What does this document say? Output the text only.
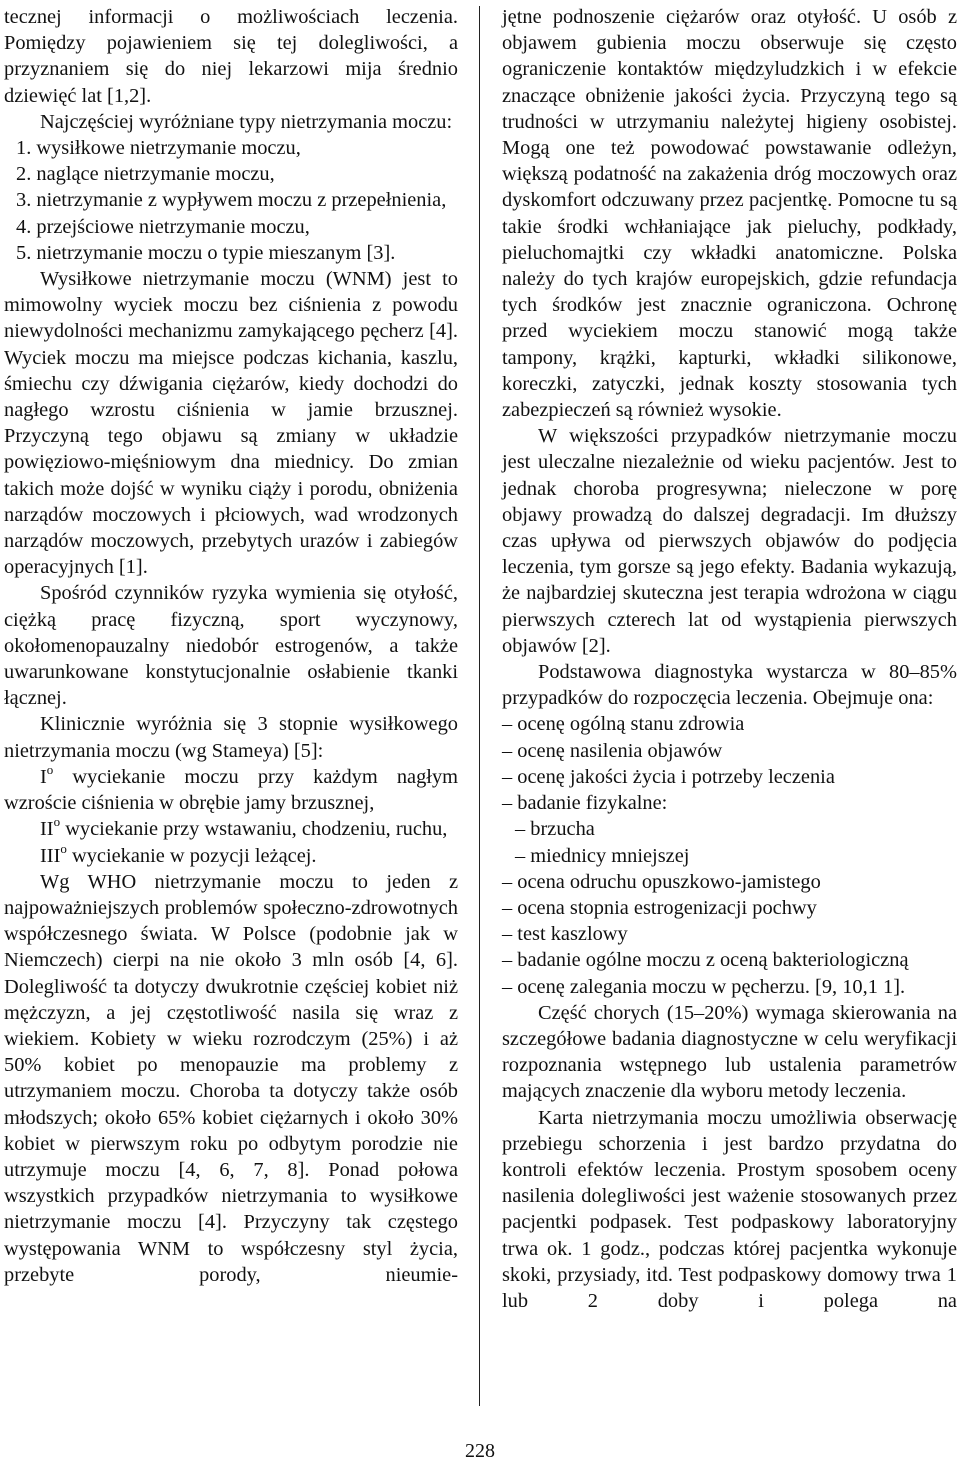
tecznej informacji o możliwościach leczenia. Pomiędzy pojawieniem się tej dolegliwości, a przyznaniem się do niej lekarzowi mija średnio dziewięć lat [1,2].

Najczęściej wyróżniane typy nietrzymania moczu:

1. wysiłkowe nietrzymanie moczu,
2. naglące nietrzymanie moczu,
3. nietrzymanie z wypływem moczu z przepełnienia,
4. przejściowe nietrzymanie moczu,
5. nietrzymanie moczu o typie mieszanym [3].

Wysiłkowe nietrzymanie moczu (WNM) jest to mimowolny wyciek moczu bez ciśnienia z powodu niewydolności mechanizmu zamykającego pęcherz [4]. Wyciek moczu ma miejsce podczas kichania, kaszlu, śmiechu czy dźwigania ciężarów, kiedy dochodzi do nagłego wzrostu ciśnienia w jamie brzusznej. Przyczyną tego objawu są zmiany w układzie powięziowo-mięśniowym dna miednicy. Do zmian takich może dojść w wyniku ciąży i porodu, obniżenia narządów moczowych i płciowych, wad wrodzonych narządów moczowych, przebytych urazów i zabiegów operacyjnych [1].

Spośród czynników ryzyka wymienia się otyłość, ciężką pracę fizyczną, sport wyczynowy, okołomenopauzalny niedobór estrogenów, a także uwarunkowane konstytucjonalnie osłabienie tkanki łącznej.

Klinicznie wyróżnia się 3 stopnie wysiłkowego nietrzymania moczu (wg Stameya) [5]:

$I^o$ wyciekanie moczu przy każdym nagłym wzroście ciśnienia w obrębie jamy brzusznej,

$II^o$ wyciekanie przy wstawaniu, chodzeniu, ruchu,

III$^o$ wyciekanie w pozycji leżącej.

Wg WHO nietrzymanie moczu to jeden z najpoważniejszych problemów społeczno-zdrowotnych współczesnego świata. W Polsce (podobnie jak w Niemczech) cierpi na nie około 3 mln osób [4, 6]. Dolegliwość ta dotyczy dwukrotnie częściej kobiet niż mężczyzn, a jej częstotliwość nasila się wraz z wiekiem. Kobiety w wieku rozrodczym (25%) i aż 50% kobiet po menopauzie ma problemy z utrzymaniem moczu. Choroba ta dotyczy także osób młodszych; około 65% kobiet ciężarnych i około 30% kobiet w pierwszym roku po odbytym porodzie nie utrzymuje moczu [4, 6, 7, 8]. Ponad połowa wszystkich przypadków nietrzymania to wysiłkowe nietrzymanie moczu [4]. Przyczyny tak częstego występowania WNM to współczesny styl życia, przebyte porody, nieumie-

jętne podnoszenie ciężarów oraz otyłość. U osób z objawem gubienia moczu obserwuje się często ograniczenie kontaktów międzyludzkich i w efekcie znaczące obniżenie jakości życia. Przyczyną tego są trudności w utrzymaniu należytej higieny osobistej. Mogą one też powodować powstawanie odleżyn, większą podatność na zakażenia dróg moczowych oraz dyskomfort odczuwany przez pacjentkę. Pomocne tu są takie środki wchłaniające jak pieluchy, podkłady, pieluchomajtki czy wkładki anatomiczne. Polska należy do tych krajów europejskich, gdzie refundacja tych środków jest znacznie ograniczona. Ochronę przed wyciekiem moczu stanowić mogą także tampony, krążki, kapturki, wkładki silikonowe, koreczki, zatyczki, jednak koszty stosowania tych zabezpieczeń są również wysokie.

W większości przypadków nietrzymanie moczu jest uleczalne niezależnie od wieku pacjentów. Jest to jednak choroba progresywna; nieleczone w porę objawy prowadzą do dalszej degradacji. Im dłuższy czas upływa od pierwszych objawów do podjęcia leczenia, tym gorsze są jego efekty. Badania wykazują, że najbardziej skuteczna jest terapia wdrożona w ciągu pierwszych czterech lat od wystąpienia pierwszych objawów [2].

Podstawowa diagnostyka wystarcza w 80–85% przypadków do rozpoczęcia leczenia. Obejmuje ona:

– ocenę ogólną stanu zdrowia
– ocenę nasilenia objawów
– ocenę jakości życia i potrzeby leczenia
– badanie fizykalne:
– brzucha
– miednicy mniejszej
– ocena odruchu opuszkowo-jamistego
– ocena stopnia estrogenizacji pochwy
– test kaszlowy
– badanie ogólne moczu z oceną bakteriologiczną
– ocenę zalegania moczu w pęcherzu. [9, 10,1 1].

Część chorych (15–20%) wymaga skierowania na szczegółowe badania diagnostyczne w celu weryfikacji rozpoznania wstępnego lub ustalenia parametrów mających znaczenie dla wyboru metody leczenia.

Karta nietrzymania moczu umożliwia obserwację przebiegu schorzenia i jest bardzo przydatna do kontroli efektów leczenia. Prostym sposobem oceny nasilenia dolegliwości jest ważenie stosowanych przez pacjentki podpasek. Test podpaskowy laboratoryjny trwa ok. 1 godz., podczas której pacjentka wykonuje skoki, przysiady, itd. Test podpaskowy domowy trwa 1 lub 2 doby i polega na

228
